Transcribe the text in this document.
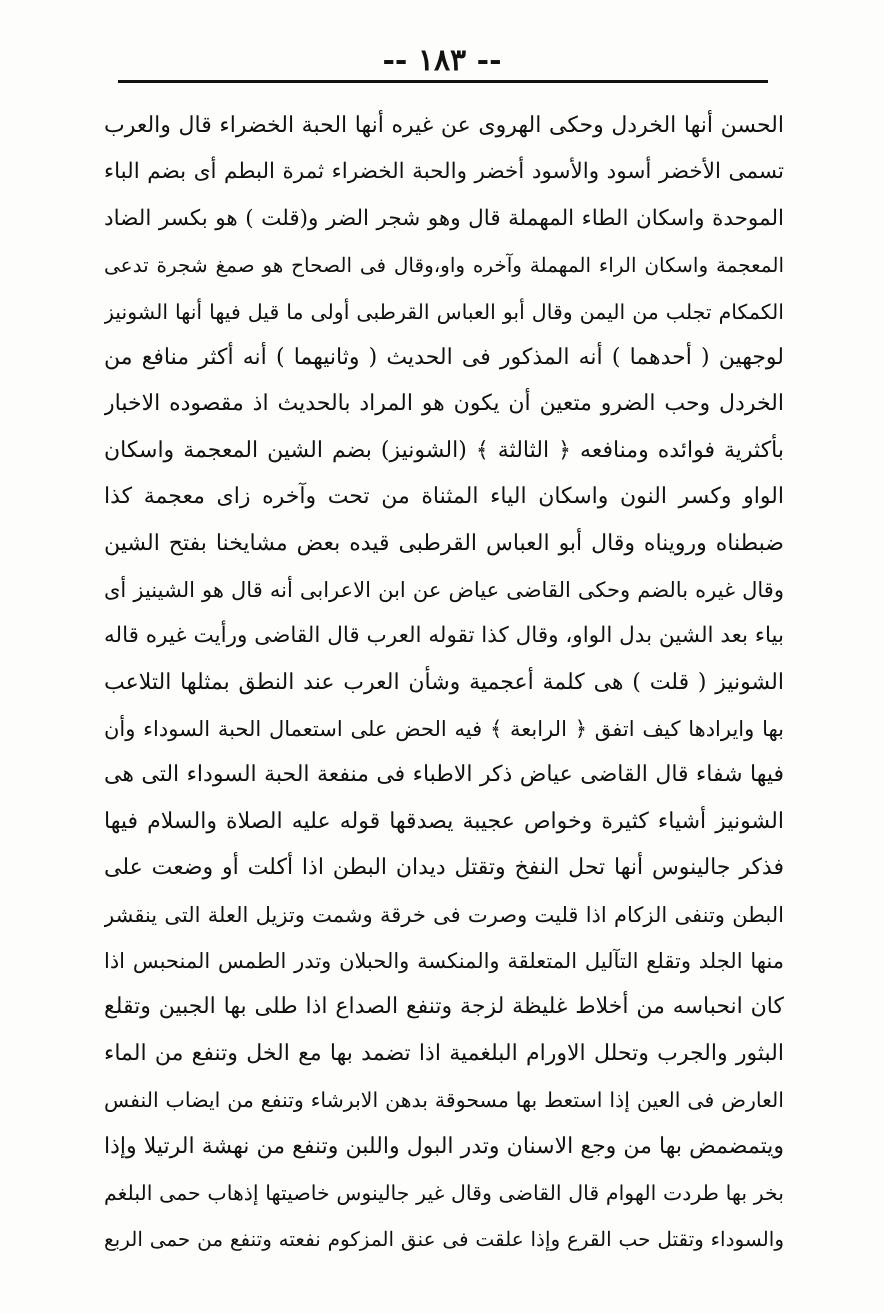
-- ١٨٣ --
الحسن أنها الخردل وحكى الهروى عن غيره أنها الحبة الخضراء قال والعرب
تسمى الأخضر أسود والأسود أخضر والحبة الخضراء ثمرة البطم أى بضم الباء
الموحدة واسكان الطاء المهملة قال وهو شجر الضر و(قلت ) هو بكسر الضاد
المعجمة واسكان الراء المهملة وآخره واو،وقال فى الصحاح هو صمغ شجرة تدعى
الكمكام تجلب من اليمن وقال أبو العباس القرطبى أولى ما قيل فيها أنها الشونيز
لوجهين ( أحدهما ) أنه المذكور فى الحديث ( وثانيهما ) أنه أكثر منافع من
الخردل وحب الضرو متعين أن يكون هو المراد بالحديث اذ مقصوده الاخبار
بأكثرية فوائده ومنافعه ﴿ الثالثة ﴾ (الشونيز) بضم الشين المعجمة واسكان
الواو وكسر النون واسكان الياء المثناة من تحت وآخره زاى معجمة كذا
ضبطناه ورويناه وقال أبو العباس القرطبى قيده بعض مشايخنا بفتح الشين
وقال غيره بالضم وحكى القاضى عياض عن ابن الاعرابى أنه قال هو الشينيز أى
بياء بعد الشين بدل الواو، وقال كذا تقوله العرب قال القاضى ورأيت غيره قاله
الشونيز ( قلت ) هى كلمة أعجمية وشأن العرب عند النطق بمثلها التلاعب
بها وايرادها كيف اتفق ﴿ الرابعة ﴾ فيه الحض على استعمال الحبة السوداء وأن
فيها شفاء قال القاضى عياض ذكر الاطباء فى منفعة الحبة السوداء التى هى
الشونيز أشياء كثيرة وخواص عجيبة يصدقها قوله عليه الصلاة والسلام فيها
فذكر جالينوس أنها تحل النفخ وتقتل ديدان البطن اذا أكلت أو وضعت على
البطن وتنفى الزكام اذا قليت وصرت فى خرقة وشمت وتزيل العلة التى ينقشر
منها الجلد وتقلع التآليل المتعلقة والمنكسة والحبلان وتدر الطمس المنحبس اذا
كان انحباسه من أخلاط غليظة لزجة وتنفع الصداع اذا طلى بها الجبين وتقلع
البثور والجرب وتحلل الاورام البلغمية اذا تضمد بها مع الخل وتنفع من الماء
العارض فى العين إذا استعط بها مسحوقة بدهن الابرشاء وتنفع من ايضاب النفس
ويتمضمض بها من وجع الاسنان وتدر البول واللبن وتنفع من نهشة الرتيلا وإذا
بخر بها طردت الهوام قال القاضى وقال غير جالينوس خاصيتها إذهاب حمى البلغم
والسوداء وتقتل حب القرع وإذا علقت فى عنق المزكوم نفعته وتنفع من حمى الربع
